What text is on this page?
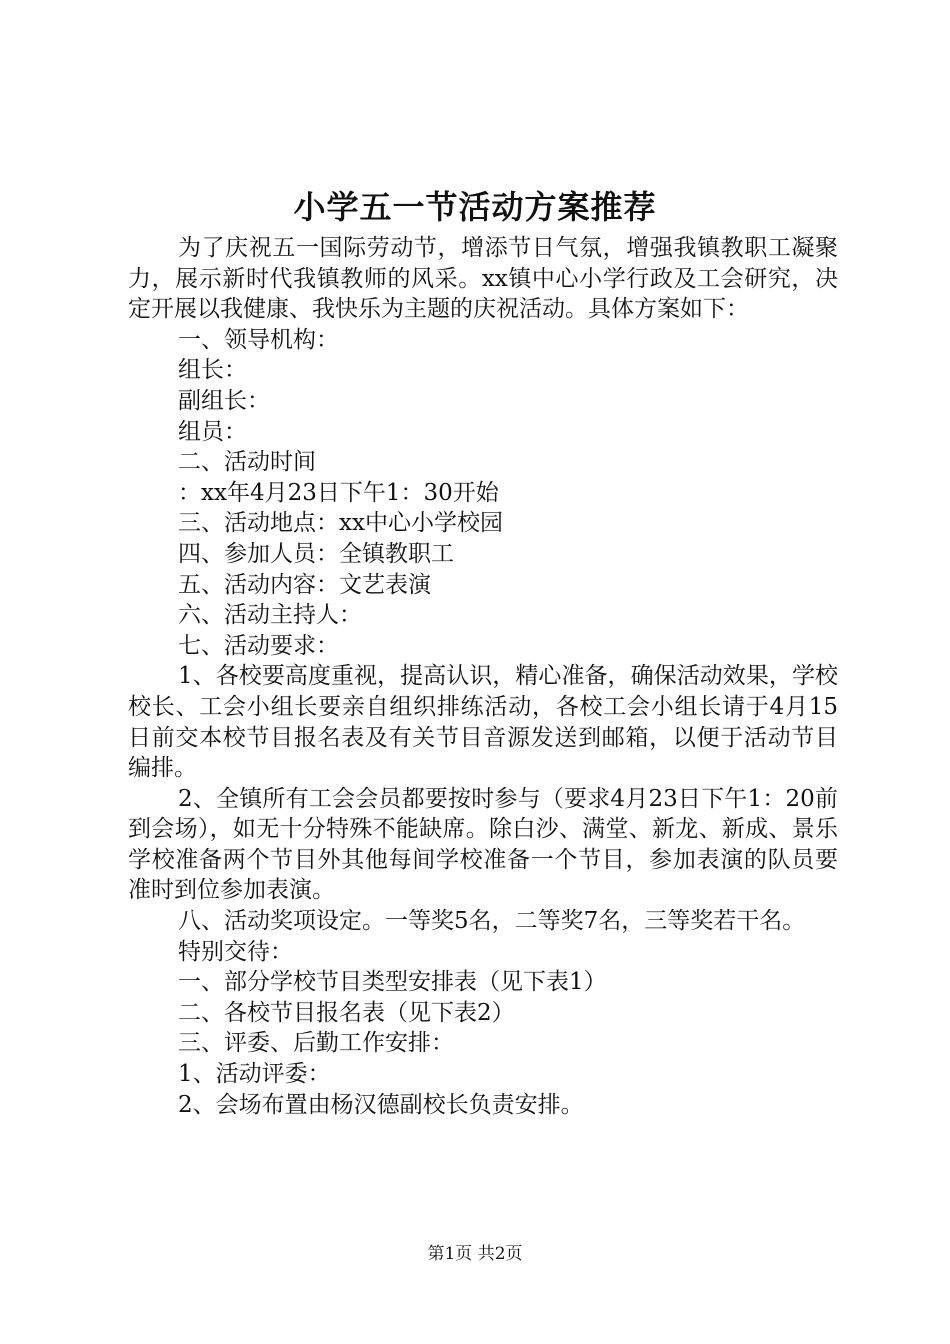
小学五一节活动方案推荐

为了庆祝五一国际劳动节，增添节日气氛，增强我镇教职工凝聚力，展示新时代我镇教师的风采。xx镇中心小学行政及工会研究，决定开展以我健康、我快乐为主题的庆祝活动。具体方案如下：

一、领导机构：
组长：
副组长：
组员：
二、活动时间
：xx年4月23日下午1：30开始
三、活动地点：xx中心小学校园
四、参加人员：全镇教职工
五、活动内容：文艺表演
六、活动主持人：
七、活动要求：

1、各校要高度重视，提高认识，精心准备，确保活动效果，学校校长、工会小组长要亲自组织排练活动，各校工会小组长请于4月15日前交本校节目报名表及有关节目音源发送到邮箱，以便于活动节目编排。

2、全镇所有工会会员都要按时参与（要求4月23日下午1：20前到会场），如无十分特殊不能缺席。除白沙、满堂、新龙、新成、景乐学校准备两个节目外其他每间学校准备一个节目，参加表演的队员要准时到位参加表演。

八、活动奖项设定。一等奖5名，二等奖7名，三等奖若干名。

特别交待：
一、部分学校节目类型安排表（见下表1）
二、各校节目报名表（见下表2）
三、评委、后勤工作安排：
1、活动评委：
2、会场布置由杨汉德副校长负责安排。
第1页 共2页
